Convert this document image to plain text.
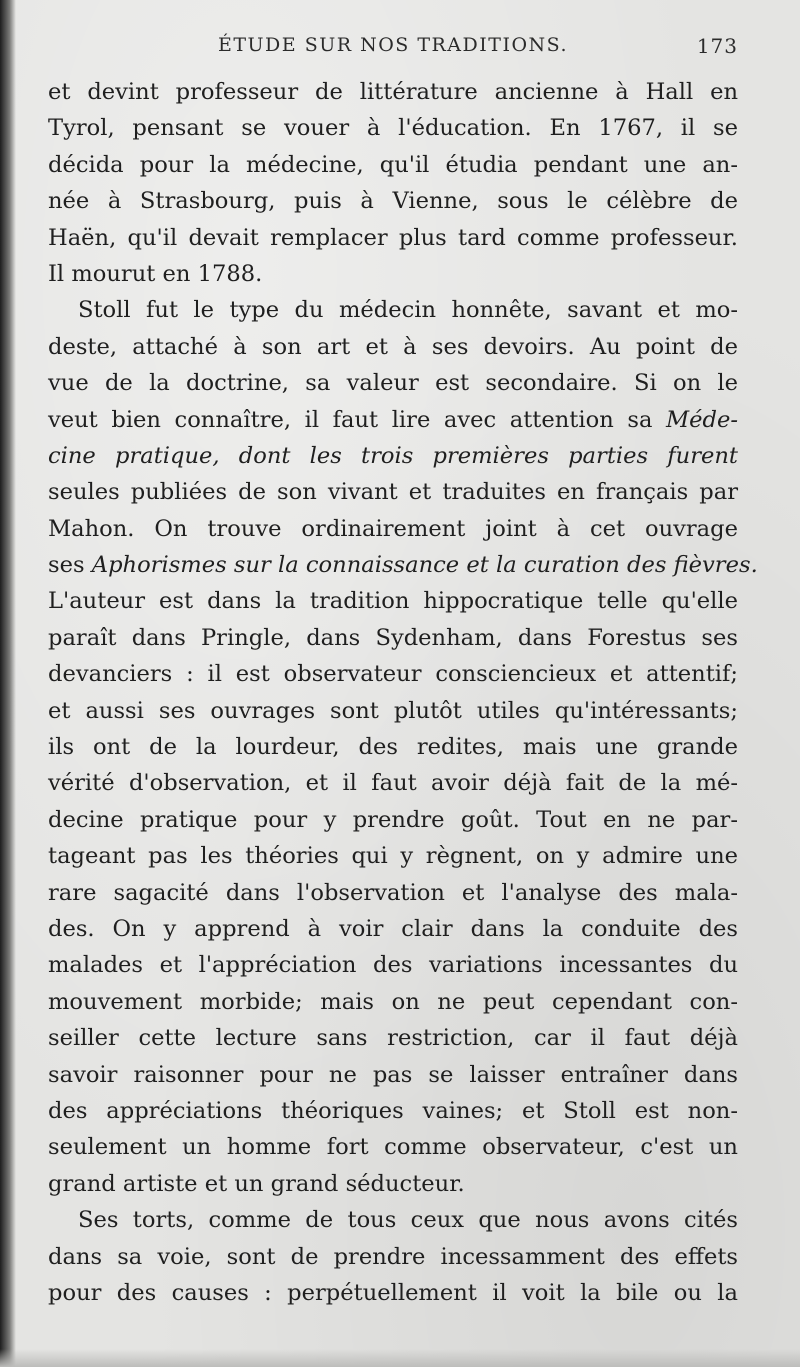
ÉTUDE SUR NOS TRADITIONS.	173
et devint professeur de littérature ancienne à Hall en
Tyrol, pensant se vouer à l'éducation. En 1767, il se
décida pour la médecine, qu'il étudia pendant une an-
née à Strasbourg, puis à Vienne, sous le célèbre de
Haën, qu'il devait remplacer plus tard comme professeur.
Il mourut en 1788.
Stoll fut le type du médecin honnête, savant et mo-
deste, attaché à son art et à ses devoirs. Au point de
vue de la doctrine, sa valeur est secondaire. Si on le
veut bien connaître, il faut lire avec attention sa Méde-
cine pratique, dont les trois premières parties furent
seules publiées de son vivant et traduites en français par
Mahon. On trouve ordinairement joint à cet ouvrage
ses Aphorismes sur la connaissance et la curation des fièvres.
L'auteur est dans la tradition hippocratique telle qu'elle
paraît dans Pringle, dans Sydenham, dans Forestus ses
devanciers : il est observateur consciencieux et attentif;
et aussi ses ouvrages sont plutôt utiles qu'intéressants;
ils ont de la lourdeur, des redites, mais une grande
vérité d'observation, et il faut avoir déjà fait de la mé-
decine pratique pour y prendre goût. Tout en ne par-
tageant pas les théories qui y règnent, on y admire une
rare sagacité dans l'observation et l'analyse des mala-
des. On y apprend à voir clair dans la conduite des
malades et l'appréciation des variations incessantes du
mouvement morbide; mais on ne peut cependant con-
seiller cette lecture sans restriction, car il faut déjà
savoir raisonner pour ne pas se laisser entraîner dans
des appréciations théoriques vaines; et Stoll est non-
seulement un homme fort comme observateur, c'est un
grand artiste et un grand séducteur.
Ses torts, comme de tous ceux que nous avons cités
dans sa voie, sont de prendre incessamment des effets
pour des causes : perpétuellement il voit la bile ou la
